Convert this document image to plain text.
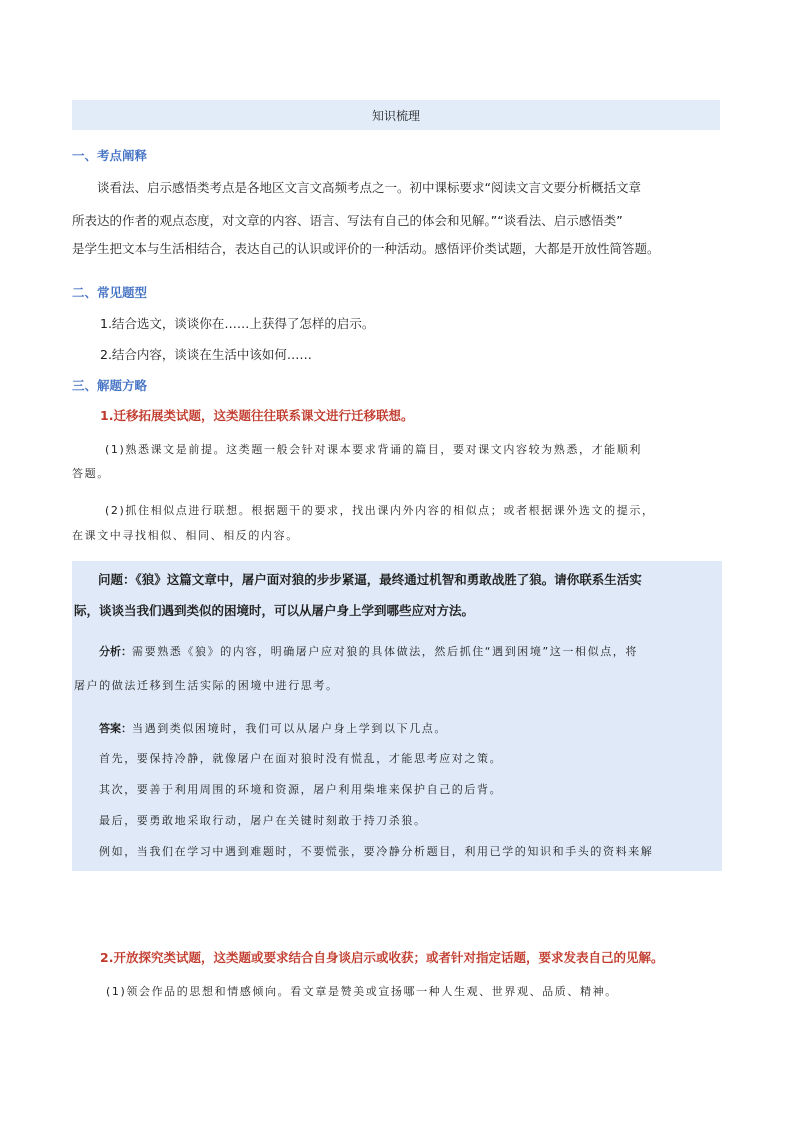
知识梳理
一、考点阐释
谈看法、启示感悟类考点是各地区文言文高频考点之一。初中课标要求“阅读文言文要分析概括文章
所表达的作者的观点态度，对文章的内容、语言、写法有自己的体会和见解。”“谈看法、启示感悟类”
是学生把文本与生活相结合，表达自己的认识或评价的一种活动。感悟评价类试题，大都是开放性简答题。
二、常见题型
1.结合选文，谈谈你在……上获得了怎样的启示。
2.结合内容，谈谈在生活中该如何……
三、解题方略
1.迁移拓展类试题，这类题往往联系课文进行迁移联想。
(1)熟悉课文是前提。这类题一般会针对课本要求背诵的篇目，要对课文内容较为熟悉，才能顺利
答题。
(2)抓住相似点进行联想。根据题干的要求，找出课内外内容的相似点；或者根据课外选文的提示，
在课文中寻找相似、相同、相反的内容。
问题：《狼》这篇文章中，屠户面对狼的步步紧逼，最终通过机智和勇敢战胜了狼。请你联系生活实
际，谈谈当我们遇到类似的困境时，可以从屠户身上学到哪些应对方法。
分析：需要熟悉《狼》的内容，明确屠户应对狼的具体做法，然后抓住“遇到困境”这一相似点，将
屠户的做法迁移到生活实际的困境中进行思考。
答案：当遇到类似困境时，我们可以从屠户身上学到以下几点。
首先，要保持冷静，就像屠户在面对狼时没有慌乱，才能思考应对之策。
其次，要善于利用周围的环境和资源，屠户利用柴堆来保护自己的后背。
最后，要勇敢地采取行动，屠户在关键时刻敢于持刀杀狼。
例如，当我们在学习中遇到难题时，不要慌张，要冷静分析题目，利用已学的知识和手头的资料来解
2.开放探究类试题，这类题或要求结合自身谈启示或收获；或者针对指定话题，要求发表自己的见解。
(1)领会作品的思想和情感倾向。看文章是赞美或宣扬哪一种人生观、世界观、品质、精神。
